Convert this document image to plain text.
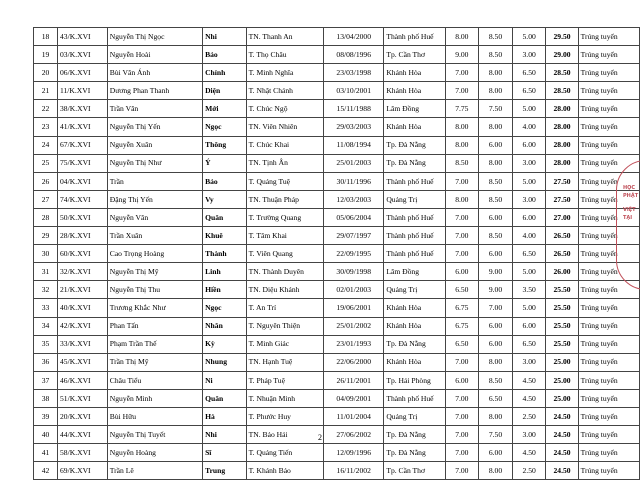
18	43/K.XVI	Nguyễn Thị Ngọc	Nhi	TN. Thanh An	13/04/2000	Thành phố Huế	8.00	8.50	5.00	29.50	Trúng tuyển
19	03/K.XVI	Nguyễn Hoài	Bảo	T. Thọ Châu	08/08/1996	Tp. Cần Thơ	9.00	8.50	3.00	29.00	Trúng tuyển
20	06/K.XVI	Bùi Văn Ánh	Chính	T. Minh Nghĩa	23/03/1998	Khánh Hòa	7.00	8.00	6.50	28.50	Trúng tuyển
21	11/K.XVI	Dương Phan Thanh	Diện	T. Nhật Chánh	03/10/2001	Khánh Hòa	7.00	8.00	6.50	28.50	Trúng tuyển
22	38/K.XVI	Trần Văn	Mới	T. Chúc Ngộ	15/11/1988	Lâm Đồng	7.75	7.50	5.00	28.00	Trúng tuyển
23	41/K.XVI	Nguyễn Thị Yến	Ngọc	TN. Viên Nhiên	29/03/2003	Khánh Hòa	8.00	8.00	4.00	28.00	Trúng tuyển
24	67/K.XVI	Nguyễn Xuân	Thông	T. Chúc Khai	11/08/1994	Tp. Đà Nẵng	8.00	6.00	6.00	28.00	Trúng tuyển
25	75/K.XVI	Nguyễn Thị Như	Ý	TN. Tịnh Ân	25/01/2003	Tp. Đà Nẵng	8.50	8.00	3.00	28.00	Trúng tuyển
26	04/K.XVI	Trần	Bảo	T. Quảng Tuệ	30/11/1996	Thành phố Huế	7.00	8.50	5.00	27.50	Trúng tuyển
27	74/K.XVI	Đặng Thị Yến	Vy	TN. Thuận Pháp	12/03/2003	Quảng Trị	8.00	8.50	3.00	27.50	Trúng tuyển
28	50/K.XVI	Nguyễn Văn	Quân	T. Trường Quang	05/06/2004	Thành phố Huế	7.00	6.00	6.00	27.00	Trúng tuyển
29	28/K.XVI	Trần Xuân	Khuê	T. Tâm Khai	29/07/1997	Thành phố Huế	7.00	8.50	4.00	26.50	Trúng tuyển
30	60/K.XVI	Cao Trọng Hoàng	Thành	T. Viên Quang	22/09/1995	Thành phố Huế	7.00	6.00	6.50	26.50	Trúng tuyển
31	32/K.XVI	Nguyễn Thị Mỹ	Linh	TN. Thành Duyên	30/09/1998	Lâm Đồng	6.00	9.00	5.00	26.00	Trúng tuyển
32	21/K.XVI	Nguyễn Thị Thu	Hiền	TN. Diệu Khánh	02/01/2003	Quảng Trị	6.50	9.00	3.50	25.50	Trúng tuyển
33	40/K.XVI	Trương Khắc Như	Ngọc	T. An Trí	19/06/2001	Khánh Hòa	6.75	7.00	5.00	25.50	Trúng tuyển
34	42/K.XVI	Phan Tấn	Nhân	T. Nguyên Thiện	25/01/2002	Khánh Hòa	6.75	6.00	6.00	25.50	Trúng tuyển
35	33/K.XVI	Phạm Trần Thế	Kỳ	T. Minh Giác	23/01/1993	Tp. Đà Nẵng	6.50	6.00	6.50	25.50	Trúng tuyển
36	45/K.XVI	Trần Thị Mỹ	Nhung	TN. Hạnh Tuệ	22/06/2000	Khánh Hòa	7.00	8.00	3.00	25.00	Trúng tuyển
37	46/K.XVI	Châu Tiểu	Ni	T. Pháp Tuệ	26/11/2001	Tp. Hải Phòng	6.00	8.50	4.50	25.00	Trúng tuyển
38	51/K.XVI	Nguyễn Minh	Quân	T. Nhuận Minh	04/09/2001	Thành phố Huế	7.00	6.50	4.50	25.00	Trúng tuyển
39	20/K.XVI	Bùi Hữu	Hà	T. Phước Huy	11/01/2004	Quảng Trị	7.00	8.00	2.50	24.50	Trúng tuyển
40	44/K.XVI	Nguyễn Thị Tuyết	Nhi	TN. Bảo Hải	27/06/2002	Tp. Đà Nẵng	7.00	7.50	3.00	24.50	Trúng tuyển
41	58/K.XVI	Nguyễn Hoàng	Sĩ	T. Quảng Tiến	12/09/1996	Tp. Đà Nẵng	7.00	6.00	4.50	24.50	Trúng tuyển
42	69/K.XVI	Trần Lê	Trung	T. Khánh Bảo	16/11/2002	Tp. Cần Thơ	7.00	8.00	2.50	24.50	Trúng tuyển
2
HỌC
PHẬT
VIỆT
TẠI
